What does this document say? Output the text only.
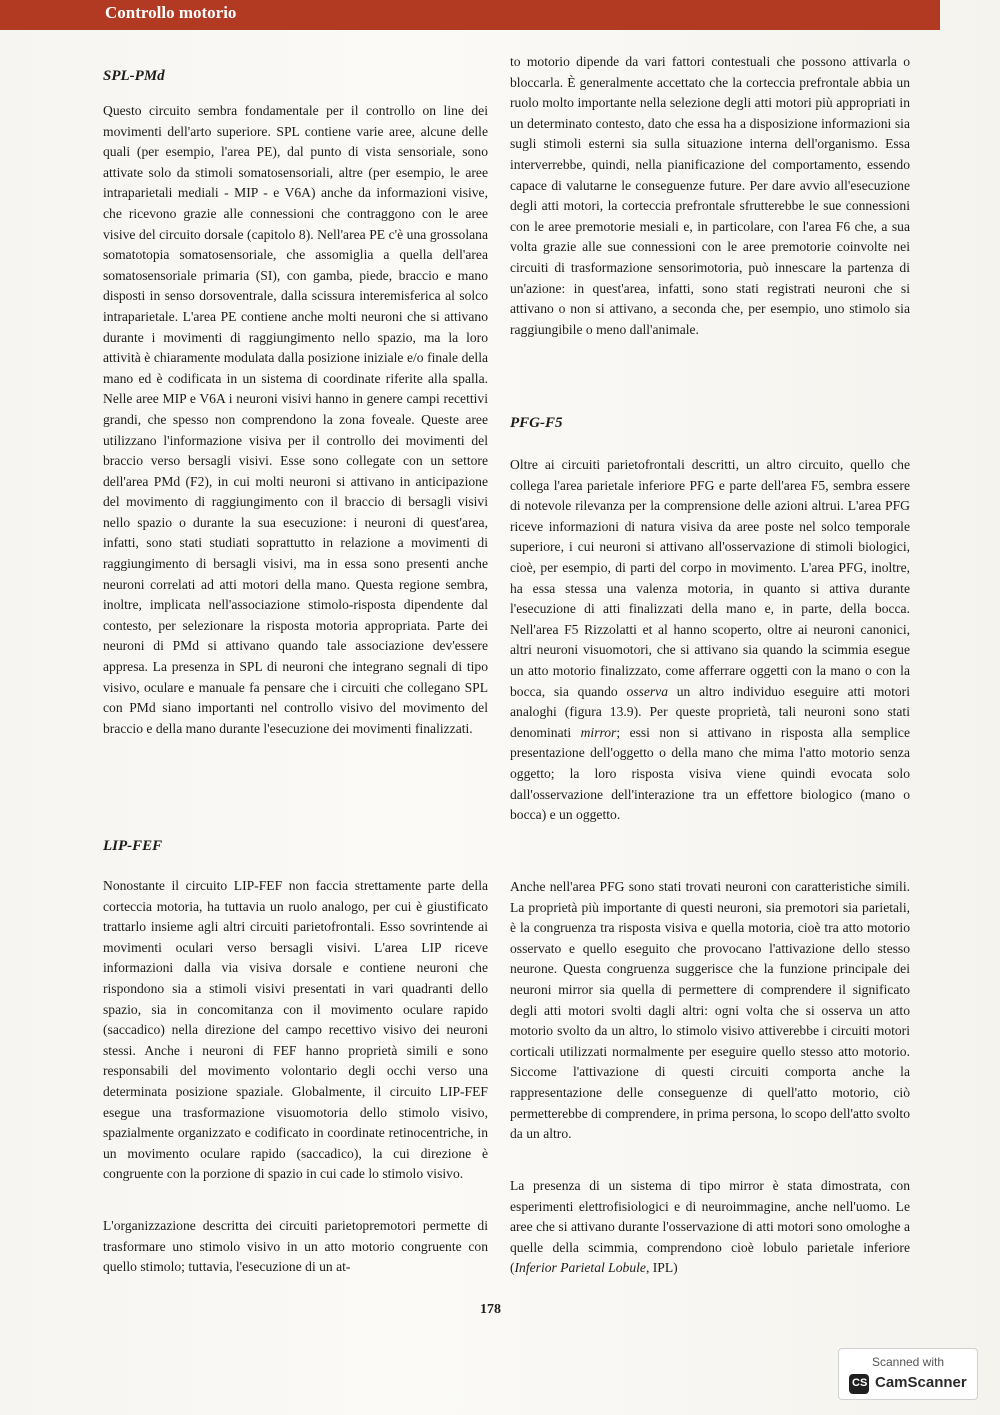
Controllo motorio
SPL-PMd

Questo circuito sembra fondamentale per il controllo on line dei movimenti dell'arto superiore. SPL contiene varie aree, alcune delle quali (per esempio, l'area PE), dal punto di vista sensoriale, sono attivate solo da stimoli somatosensoriali, altre (per esempio, le aree intraparietali mediali - MIP - e V6A) anche da informazioni visive, che ricevono grazie alle connessioni che contraggono con le aree visive del circuito dorsale (capitolo 8). Nell'area PE c'è una grossolana somatotopia somatosensoriale, che assomiglia a quella dell'area somatosensoriale primaria (SI), con gamba, piede, braccio e mano disposti in senso dorsoventrale, dalla scissura interemisferica al solco intraparietale. L'area PE contiene anche molti neuroni che si attivano durante i movimenti di raggiungimento nello spazio, ma la loro attività è chiaramente modulata dalla posizione iniziale e/o finale della mano ed è codificata in un sistema di coordinate riferite alla spalla. Nelle aree MIP e V6A i neuroni visivi hanno in genere campi recettivi grandi, che spesso non comprendono la zona foveale. Queste aree utilizzano l'informazione visiva per il controllo dei movimenti del braccio verso bersagli visivi. Esse sono collegate con un settore dell'area PMd (F2), in cui molti neuroni si attivano in anticipazione del movimento di raggiungimento con il braccio di bersagli visivi nello spazio o durante la sua esecuzione: i neuroni di quest'area, infatti, sono stati studiati soprattutto in relazione a movimenti di raggiungimento di bersagli visivi, ma in essa sono presenti anche neuroni correlati ad atti motori della mano. Questa regione sembra, inoltre, implicata nell'associazione stimolo-risposta dipendente dal contesto, per selezionare la risposta motoria appropriata. Parte dei neuroni di PMd si attivano quando tale associazione dev'essere appresa. La presenza in SPL di neuroni che integrano segnali di tipo visivo, oculare e manuale fa pensare che i circuiti che collegano SPL con PMd siano importanti nel controllo visivo del movimento del braccio e della mano durante l'esecuzione dei movimenti finalizzati.

LIP-FEF

Nonostante il circuito LIP-FEF non faccia strettamente parte della corteccia motoria, ha tuttavia un ruolo analogo, per cui è giustificato trattarlo insieme agli altri circuiti parietofrontali. Esso sovrintende ai movimenti oculari verso bersagli visivi. L'area LIP riceve informazioni dalla via visiva dorsale e contiene neuroni che rispondono sia a stimoli visivi presentati in vari quadranti dello spazio, sia in concomitanza con il movimento oculare rapido (saccadico) nella direzione del campo recettivo visivo dei neuroni stessi. Anche i neuroni di FEF hanno proprietà simili e sono responsabili del movimento volontario degli occhi verso una determinata posizione spaziale. Globalmente, il circuito LIP-FEF esegue una trasformazione visuomotoria dello stimolo visivo, spazialmente organizzato e codificato in coordinate retinocentriche, in un movimento oculare rapido (saccadico), la cui direzione è congruente con la porzione di spazio in cui cade lo stimolo visivo.

L'organizzazione descritta dei circuiti parietopremotori permette di trasformare uno stimolo visivo in un atto motorio congruente con quello stimolo; tuttavia, l'esecuzione di un at-

to motorio dipende da vari fattori contestuali che possono attivarla o bloccarla. È generalmente accettato che la corteccia prefrontale abbia un ruolo molto importante nella selezione degli atti motori più appropriati in un determinato contesto, dato che essa ha a disposizione informazioni sia sugli stimoli esterni sia sulla situazione interna dell'organismo. Essa interverrebbe, quindi, nella pianificazione del comportamento, essendo capace di valutarne le conseguenze future. Per dare avvio all'esecuzione degli atti motori, la corteccia prefrontale sfrutterebbe le sue connessioni con le aree premotorie mesiali e, in particolare, con l'area F6 che, a sua volta grazie alle sue connessioni con le aree premotorie coinvolte nei circuiti di trasformazione sensorimotoria, può innescare la partenza di un'azione: in quest'area, infatti, sono stati registrati neuroni che si attivano o non si attivano, a seconda che, per esempio, uno stimolo sia raggiungibile o meno dall'animale.

PFG-F5

Oltre ai circuiti parietofrontali descritti, un altro circuito, quello che collega l'area parietale inferiore PFG e parte dell'area F5, sembra essere di notevole rilevanza per la comprensione delle azioni altrui. L'area PFG riceve informazioni di natura visiva da aree poste nel solco temporale superiore, i cui neuroni si attivano all'osservazione di stimoli biologici, cioè, per esempio, di parti del corpo in movimento. L'area PFG, inoltre, ha essa stessa una valenza motoria, in quanto si attiva durante l'esecuzione di atti finalizzati della mano e, in parte, della bocca. Nell'area F5 Rizzolatti et al hanno scoperto, oltre ai neuroni canonici, altri neuroni visuomotori, che si attivano sia quando la scimmia esegue un atto motorio finalizzato, come afferrare oggetti con la mano o con la bocca, sia quando osserva un altro individuo eseguire atti motori analoghi (figura 13.9). Per queste proprietà, tali neuroni sono stati denominati mirror; essi non si attivano in risposta alla semplice presentazione dell'oggetto o della mano che mima l'atto motorio senza oggetto; la loro risposta visiva viene quindi evocata solo dall'osservazione dell'interazione tra un effettore biologico (mano o bocca) e un oggetto.

Anche nell'area PFG sono stati trovati neuroni con caratteristiche simili. La proprietà più importante di questi neuroni, sia premotori sia parietali, è la congruenza tra risposta visiva e quella motoria, cioè tra atto motorio osservato e quello eseguito che provocano l'attivazione dello stesso neurone. Questa congruenza suggerisce che la funzione principale dei neuroni mirror sia quella di permettere di comprendere il significato degli atti motori svolti dagli altri: ogni volta che si osserva un atto motorio svolto da un altro, lo stimolo visivo attiverebbe i circuiti motori corticali utilizzati normalmente per eseguire quello stesso atto motorio. Siccome l'attivazione di questi circuiti comporta anche la rappresentazione delle conseguenze di quell'atto motorio, ciò permetterebbe di comprendere, in prima persona, lo scopo dell'atto svolto da un altro.

La presenza di un sistema di tipo mirror è stata dimostrata, con esperimenti elettrofisiologici e di neuroimmagine, anche nell'uomo. Le aree che si attivano durante l'osservazione di atti motori sono omologhe a quelle della scimmia, comprendono cioè lobulo parietale inferiore (Inferior Parietal Lobule, IPL)

178
Scanned with
CS CamScanner
